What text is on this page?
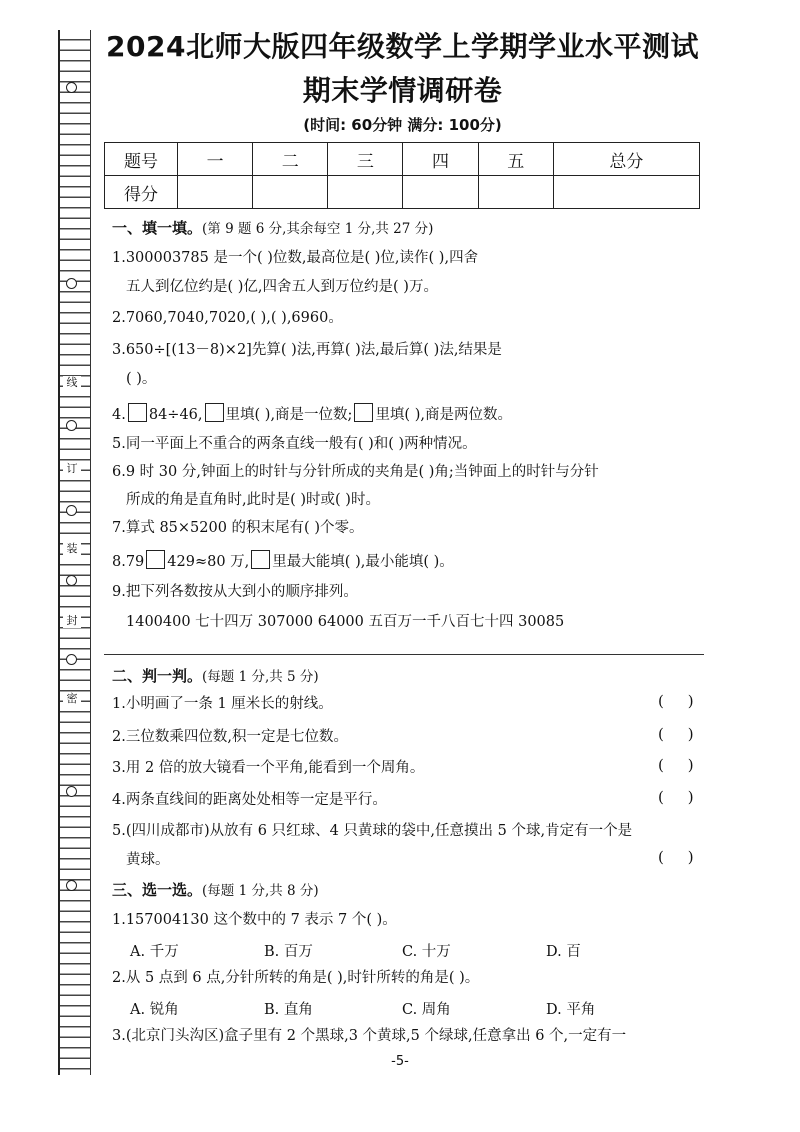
线
订
装
封
密
2024北师大版四年级数学上学期学业水平测试
期末学情调研卷
(时间: 60分钟 满分: 100分)
题号	一	二	三	四	五	总分
得分						
一、填一填。(第 9 题 6 分,其余每空 1 分,共 27 分)
1.300003785 是一个( )位数,最高位是( )位,读作( ),四舍
五人到亿位约是( )亿,四舍五人到万位约是( )万。
2.7060,7040,7020,( ),( ),6960。
3.650÷[(13－8)×2]先算( )法,再算( )法,最后算( )法,结果是
( )。
4. 84÷46, 里填( ),商是一位数; 里填( ),商是两位数。
5.同一平面上不重合的两条直线一般有( )和( )两种情况。
6.9 时 30 分,钟面上的时针与分针所成的夹角是( )角;当钟面上的时针与分针
所成的角是直角时,此时是( )时或( )时。
7.算式 85×5200 的积末尾有( )个零。
8.79 429≈80 万, 里最大能填( ),最小能填( )。
9.把下列各数按从大到小的顺序排列。
1400400 七十四万 307000 64000 五百万一千八百七十四 30085
二、判一判。(每题 1 分,共 5 分)
1.小明画了一条 1 厘米长的射线。	(     )
2.三位数乘四位数,积一定是七位数。	(     )
3.用 2 倍的放大镜看一个平角,能看到一个周角。	(     )
4.两条直线间的距离处处相等一定是平行。	(     )
5.(四川成都市)从放有 6 只红球、4 只黄球的袋中,任意摸出 5 个球,肯定有一个是
黄球。	(     )
三、选一选。(每题 1 分,共 8 分)
1.157004130 这个数中的 7 表示 7 个( )。
A. 千万	B. 百万	C. 十万	D. 百
2.从 5 点到 6 点,分针所转的角是( ),时针所转的角是( )。
A. 锐角	B. 直角	C. 周角	D. 平角
3.(北京门头沟区)盒子里有 2 个黑球,3 个黄球,5 个绿球,任意拿出 6 个,一定有一
-5-
